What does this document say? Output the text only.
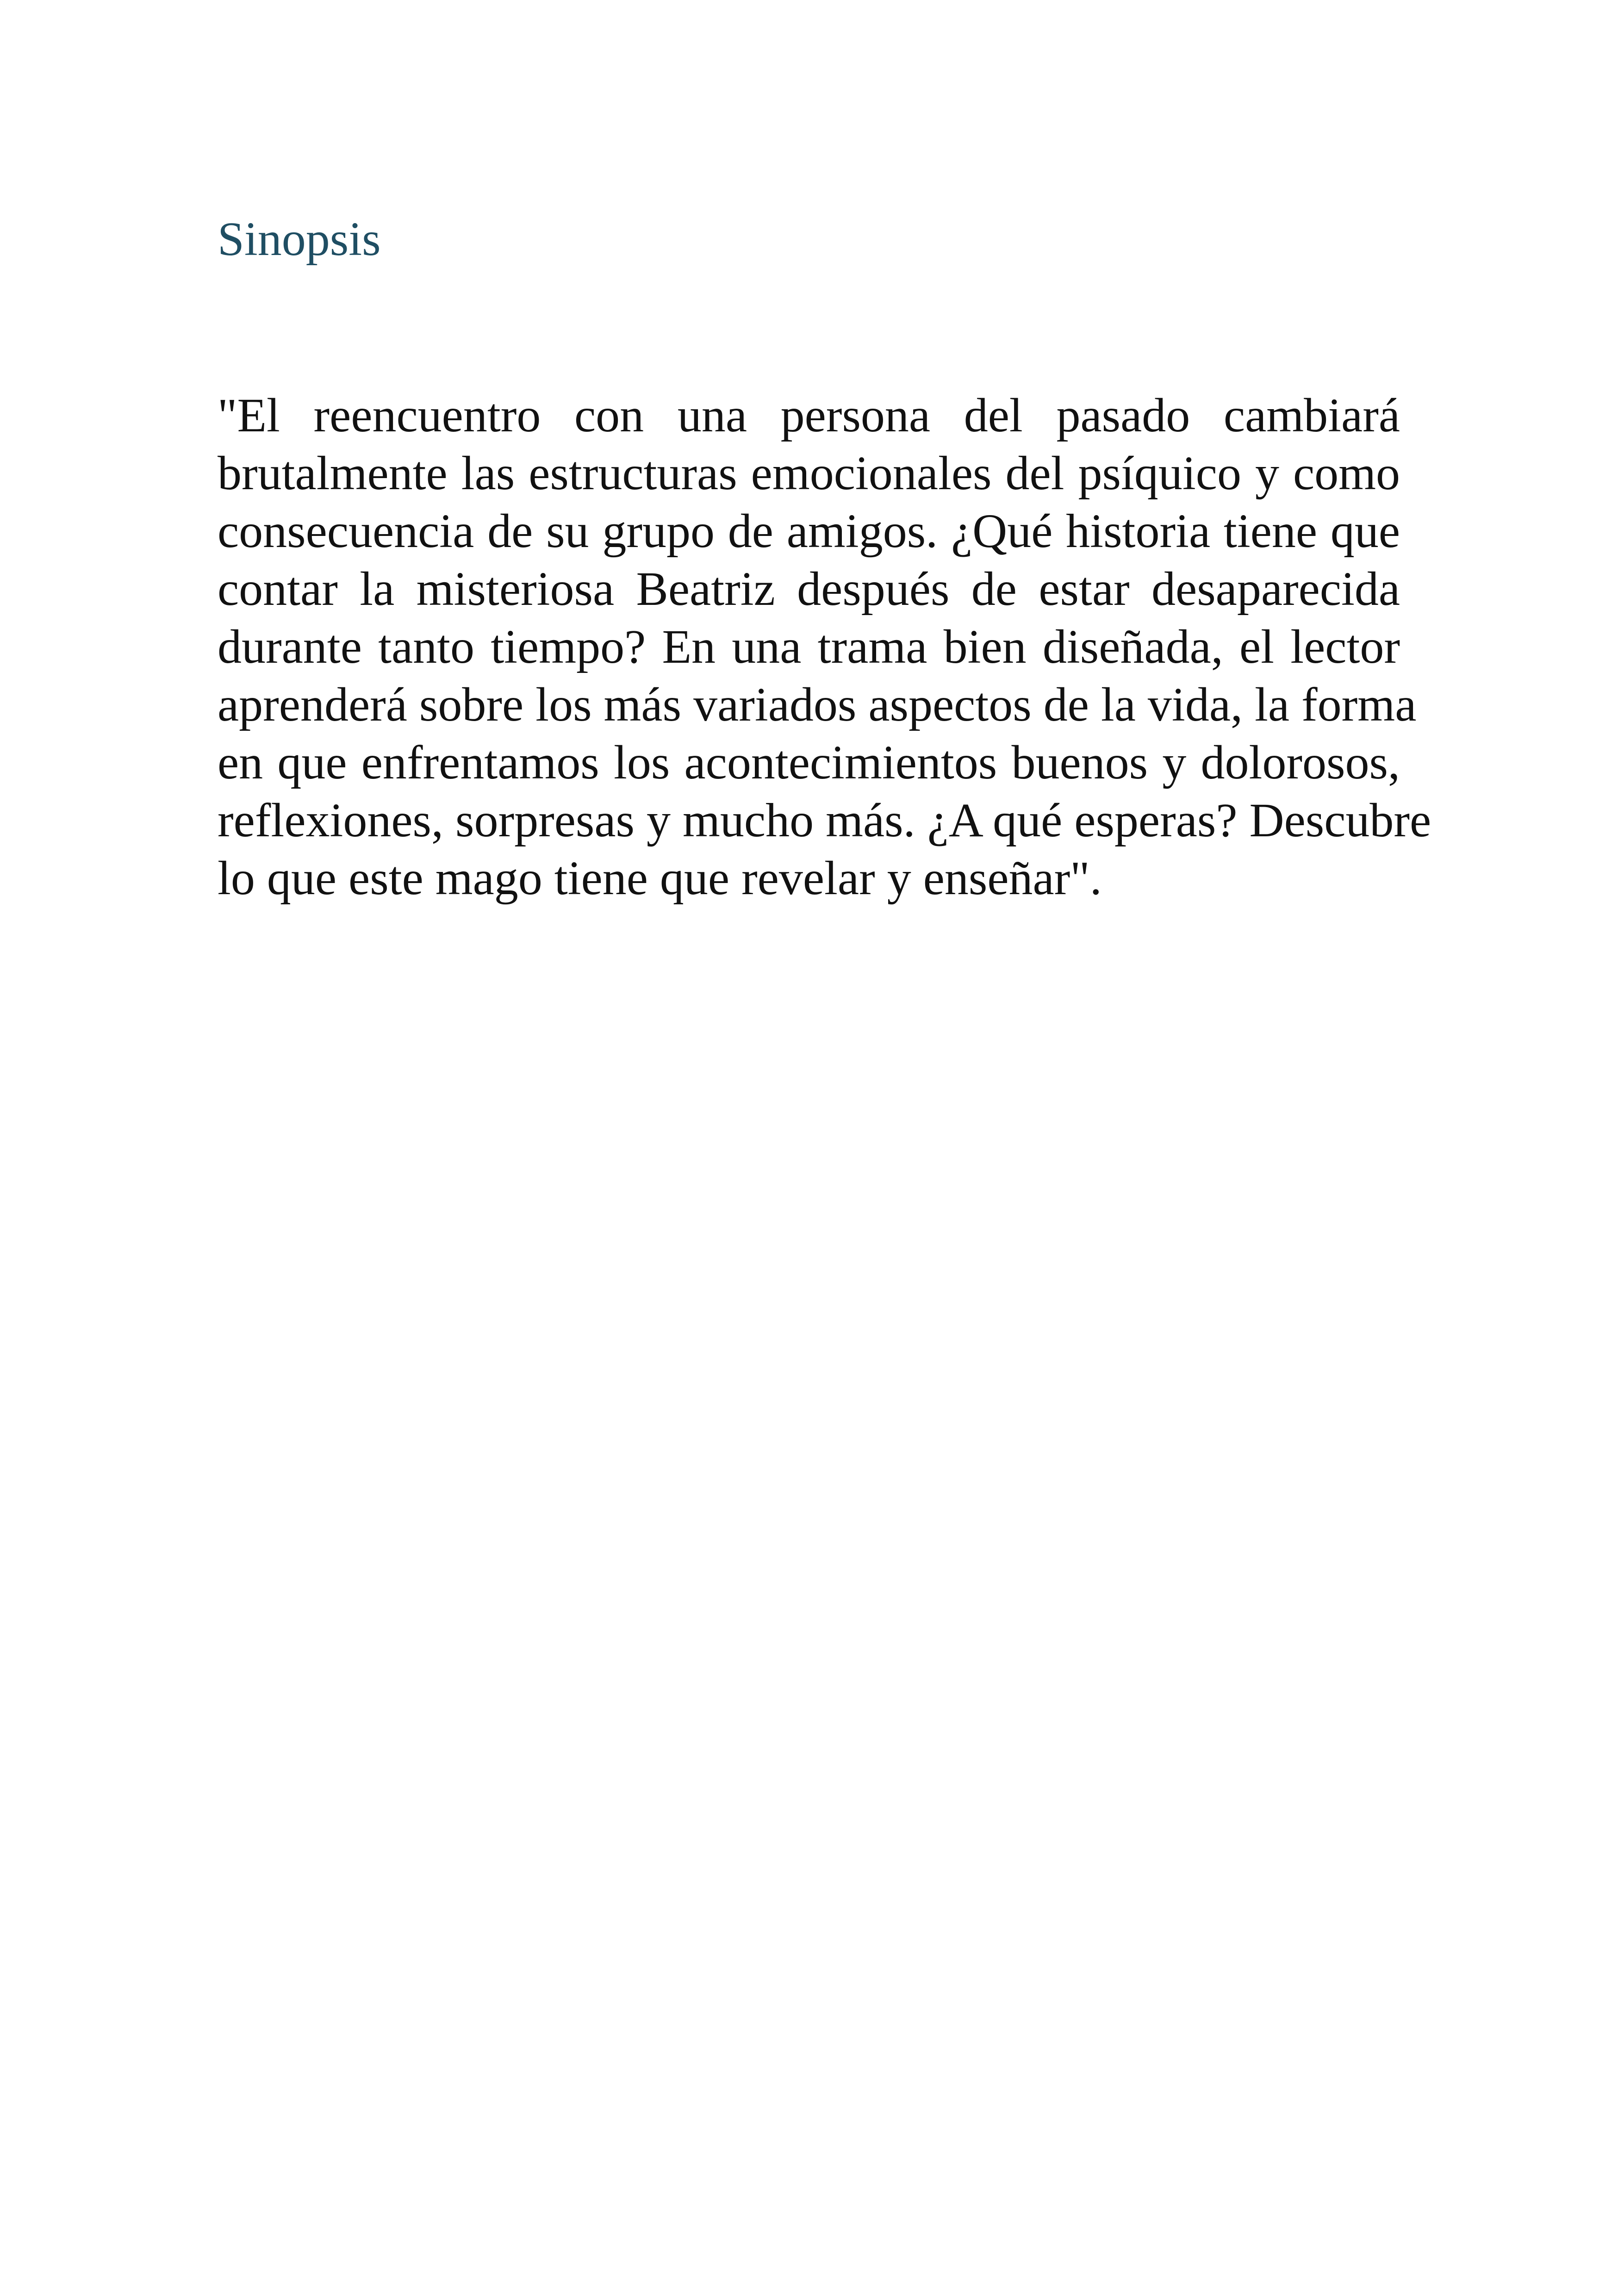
Sinopsis
"El reencuentro con una persona del pasado cambiará
brutalmente las estructuras emocionales del psíquico y como
consecuencia de su grupo de amigos. ¿Qué historia tiene que
contar la misteriosa Beatriz después de estar desaparecida
durante tanto tiempo? En una trama bien diseñada, el lector
aprenderá sobre los más variados aspectos de la vida, la forma
en que enfrentamos los acontecimientos buenos y dolorosos,
reflexiones, sorpresas y mucho más. ¿A qué esperas? Descubre
lo que este mago tiene que revelar y enseñar".
